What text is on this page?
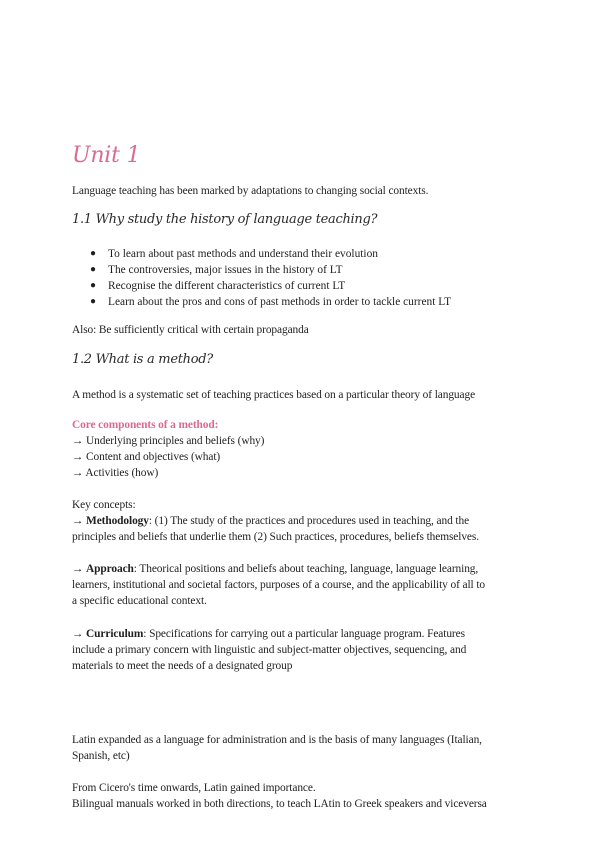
Unit 1
Language teaching has been marked by adaptations to changing social contexts.
1.1 Why study the history of language teaching?
● To learn about past methods and understand their evolution
● The controversies, major issues in the history of LT
● Recognise the different characteristics of current LT
● Learn about the pros and cons of past methods in order to tackle current LT
Also: Be sufficiently critical with certain propaganda
1.2 What is a method?
A method is a systematic set of teaching practices based on a particular theory of language
Core components of a method:
→ Underlying principles and beliefs (why)
→ Content and objectives (what)
→ Activities (how)
Key concepts:
→ Methodology: (1) The study of the practices and procedures used in teaching, and the
principles and beliefs that underlie them (2) Such practices, procedures, beliefs themselves.
→ Approach: Theorical positions and beliefs about teaching, language, language learning,
learners, institutional and societal factors, purposes of a course, and the applicability of all to
a specific educational context.
→ Curriculum: Specifications for carrying out a particular language program. Features
include a primary concern with linguistic and subject-matter objectives, sequencing, and
materials to meet the needs of a designated group
Latin expanded as a language for administration and is the basis of many languages (Italian,
Spanish, etc)
From Cicero's time onwards, Latin gained importance.
Bilingual manuals worked in both directions, to teach LAtin to Greek speakers and viceversa
